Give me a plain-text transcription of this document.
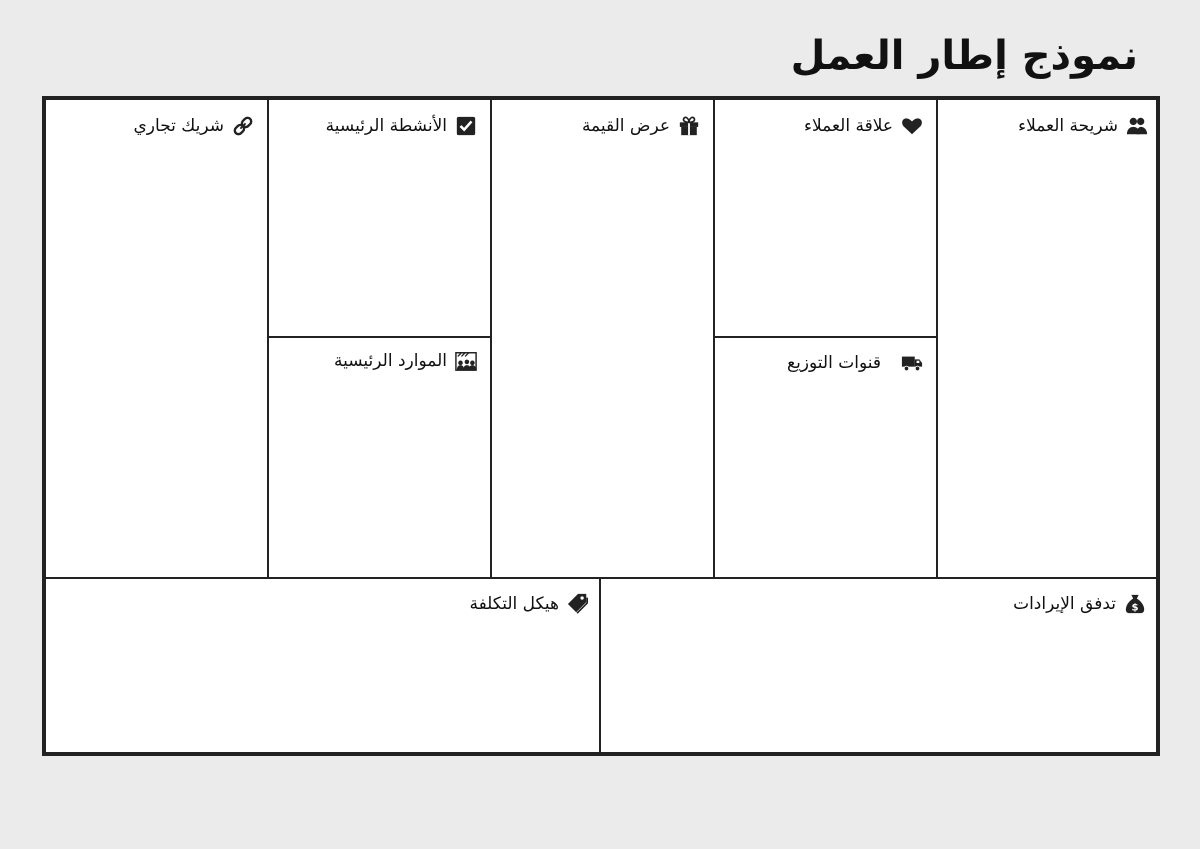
نموذج إطار العمل
شريحة العملاء
علاقة العملاء
قنوات التوزيع
عرض القيمة
الأنشطة الرئيسية
الموارد الرئيسية
شريك تجاري
$
تدفق الإيرادات
هيكل التكلفة
